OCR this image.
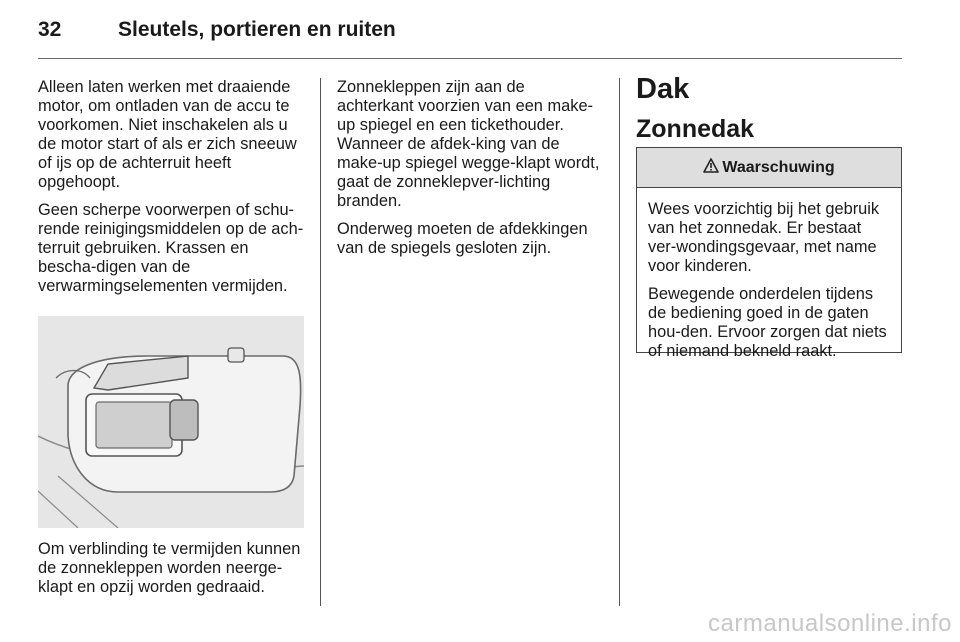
32	Sleutels, portieren en ruiten

Alleen laten werken met draaiende motor, om ontladen van de accu te voorkomen. Niet inschakelen als u de motor start of als er zich sneeuw of ijs op de achterruit heeft opgehoopt.

Geen scherpe voorwerpen of schu-rende reinigingsmiddelen op de ach-terruit gebruiken. Krassen en bescha-digen van de verwarmingselementen vermijden.

Om verblinding te vermijden kunnen de zonnekleppen worden neerge-klapt en opzij worden gedraaid.

Zonnekleppen zijn aan de achterkant voorzien van een make-up spiegel en een tickethouder. Wanneer de afdek-king van de make-up spiegel wegge-klapt wordt, gaat de zonneklepver-lichting branden.

Onderweg moeten de afdekkingen van de spiegels gesloten zijn.

Dak
Zonnedak
Waarschuwing

Wees voorzichtig bij het gebruik van het zonnedak. Er bestaat ver-wondingsgevaar, met name voor kinderen.

Bewegende onderdelen tijdens de bediening goed in de gaten hou-den. Ervoor zorgen dat niets of niemand bekneld raakt.

carmanualsonline.info
